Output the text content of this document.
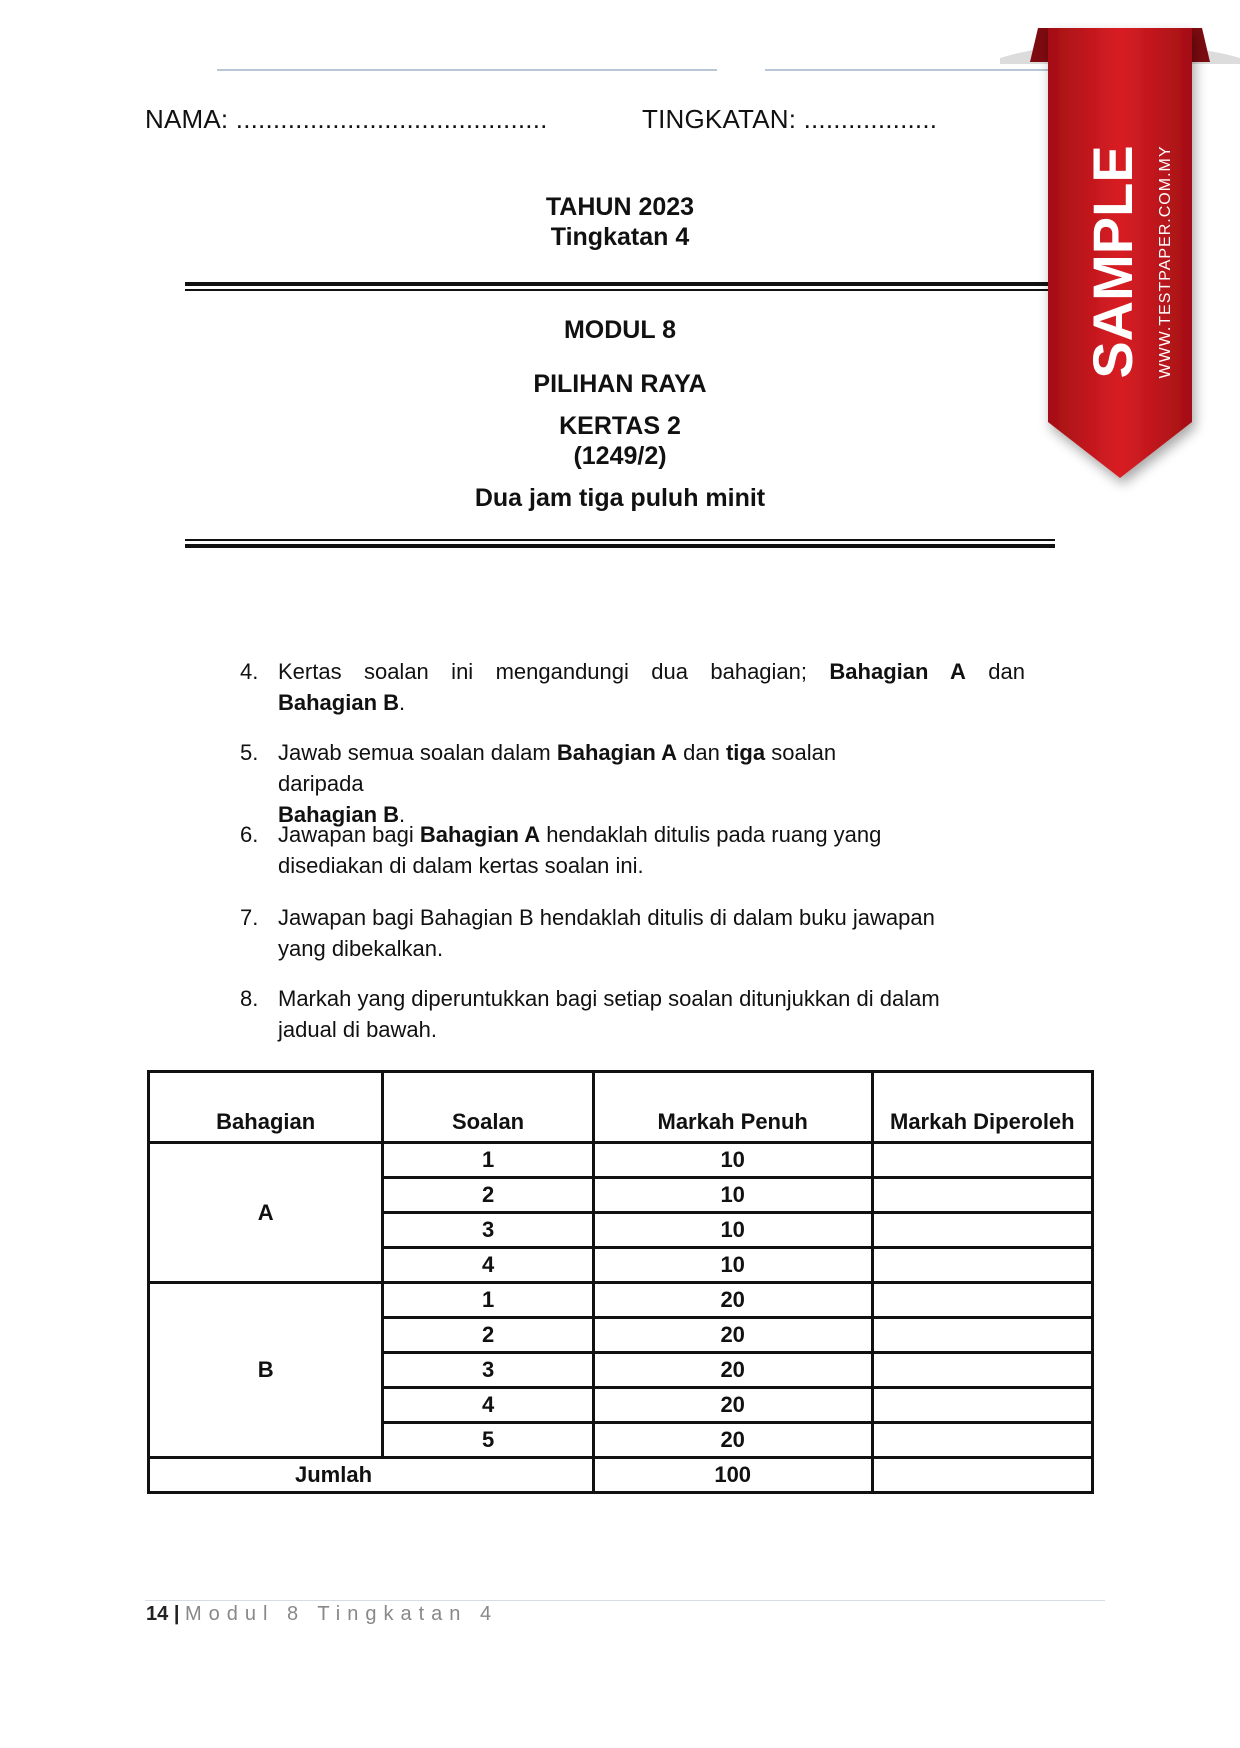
NAMA: ..........................................	TINGKATAN: ..................
TAHUN 2023
Tingkatan 4
MODUL 8
PILIHAN RAYA
KERTAS 2
(1249/2)
Dua jam tiga puluh minit
4. Kertas soalan ini mengandungi dua bahagian; Bahagian A dan
Bahagian B.
5. Jawab semua soalan dalam Bahagian A dan tiga soalan daripada
Bahagian B.
6. Jawapan bagi Bahagian A hendaklah ditulis pada ruang yang disediakan di dalam kertas soalan ini.
7. Jawapan bagi Bahagian B hendaklah ditulis di dalam buku jawapan yang dibekalkan.
8. Markah yang diperuntukkan bagi setiap soalan ditunjukkan di dalam jadual di bawah.
Bahagian	Soalan	Markah Penuh	Markah Diperoleh
A	1	10	
	2	10	
	3	10	
	4	10	
B	1	20	
	2	20	
	3	20	
	4	20	
	5	20	
Jumlah		100	
14 | Modul 8 Tingkatan 4
SAMPLE WWW.TESTPAPER.COM.MY
